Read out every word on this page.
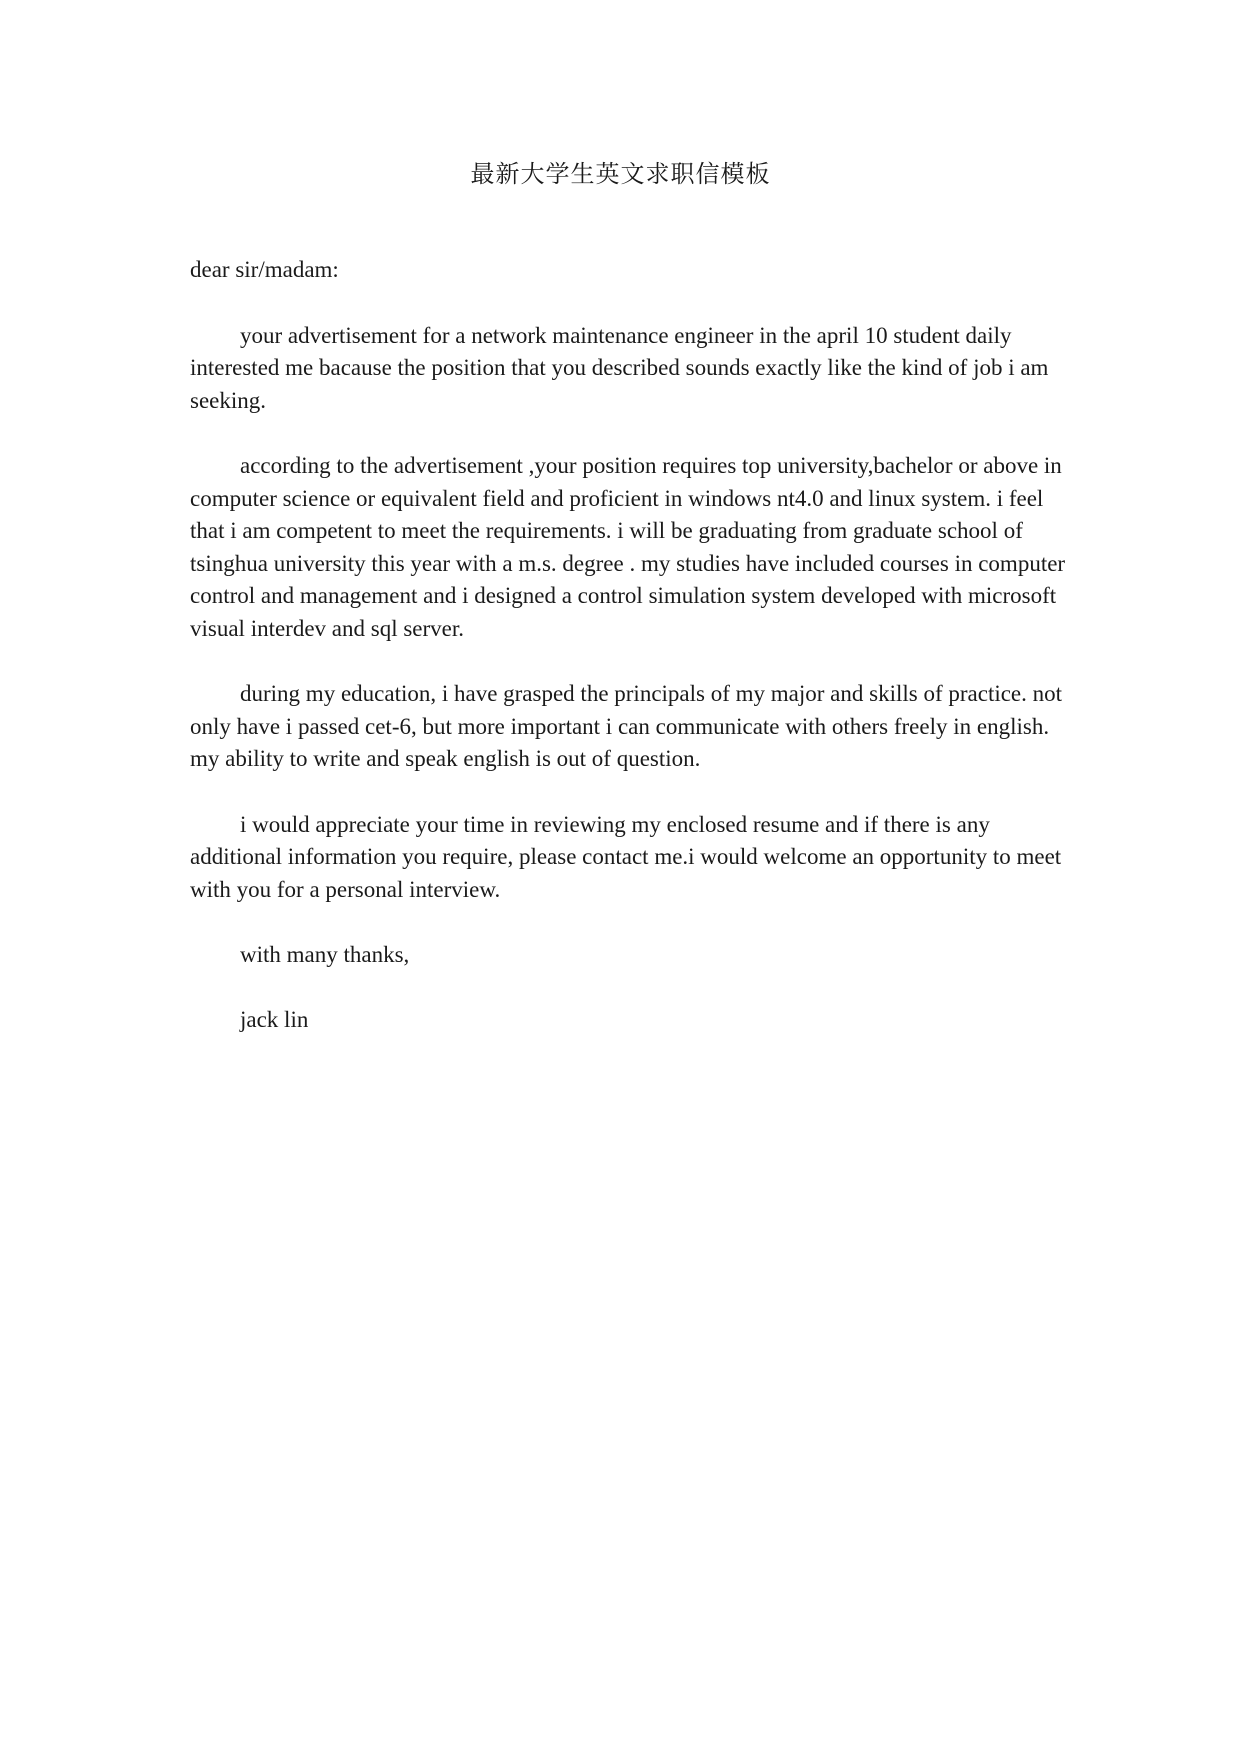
最新大学生英文求职信模板

dear sir/madam:

your advertisement for a network maintenance engineer in the april 10 student daily interested me bacause the position that you described sounds exactly like the kind of job i am seeking.

according to the advertisement ,your position requires top university,bachelor or above in computer science or equivalent field and proficient in windows nt4.0 and linux system. i feel that i am competent to meet the requirements. i will be graduating from graduate school of tsinghua university this year with a m.s. degree . my studies have included courses in computer control and management and i designed a control simulation system developed with microsoft visual interdev and sql server.

during my education, i have grasped the principals of my major and skills of practice. not only have i passed cet-6, but more important i can communicate with others freely in english. my ability to write and speak english is out of question.

i would appreciate your time in reviewing my enclosed resume and if there is any additional information you require, please contact me.i would welcome an opportunity to meet with you for a personal interview.

with many thanks,

jack lin
